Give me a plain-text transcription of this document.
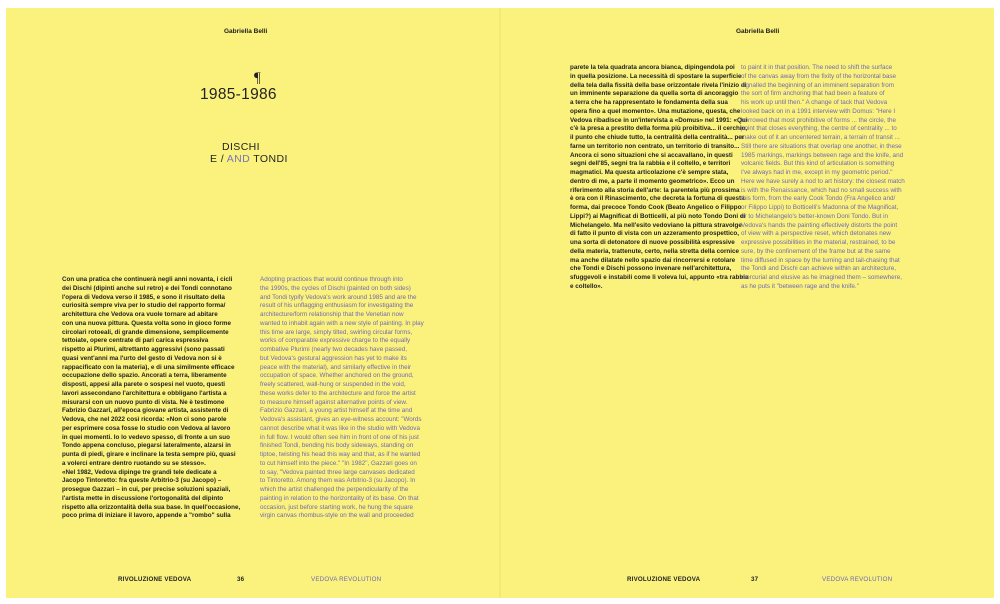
Gabriella Belli
¶
1985-1986
DISCHI
E / AND TONDI

Con una pratica che continuerà negli anni novanta, i cicli
dei Dischi (dipinti anche sul retro) e dei Tondi connotano
l'opera di Vedova verso il 1985, e sono il risultato della
curiosità sempre viva per lo studio del rapporto forma/
architettura che Vedova ora vuole tornare ad abitare
con una nuova pittura. Questa volta sono in gioco forme
circolari rotoeali, di grande dimensione, semplicemente
tettoiate, opere centrate di pari carica espressiva
rispetto ai Plurimi, altrettanto aggressivi (sono passati
quasi vent'anni ma l'urto del gesto di Vedova non si è
rappacificato con la materia), e di una similmente efficace
occupazione dello spazio. Ancorati a terra, liberamente
disposti, appesi alla parete o sospesi nel vuoto, questi
lavori assecondano l'architettura e obbligano l'artista a
misurarsi con un nuovo punto di vista. Ne è testimone
Fabrizio Gazzari, all'epoca giovane artista, assistente di
Vedova, che nel 2022 così ricorda: «Non ci sono parole
per esprimere cosa fosse lo studio con Vedova al lavoro
in quei momenti. Io lo vedevo spesso, di fronte a un suo
Tondo appena concluso, piegarsi lateralmente, alzarsi in
punta di piedi, girare e inclinare la testa sempre più, quasi
a volerci entrare dentro ruotando su se stesso».
«Nel 1982, Vedova dipinge tre grandi tele dedicate a
Jacopo Tintoretto: fra queste Arbitrio-3 (su Jacopo) –
prosegue Gazzari – in cui, per precise soluzioni spaziali,
l'artista mette in discussione l'ortogonalità del dipinto
rispetto alla orizzontalità della sua base. In quell'occasione,
poco prima di iniziare il lavoro, appende a "rombo" sulla

Adopting practices that would continue through into
the 1990s, the cycles of Dischi (painted on both sides)
and Tondi typify Vedova's work around 1985 and are the
result of his unflagging enthusiasm for investigating the
architecture/form relationship that the Venetian now
wanted to inhabit again with a new style of painting. In play
this time are large, simply tilted, swirling circular forms,
works of comparable expressive charge to the equally
combative Plurimi (nearly two decades have passed,
but Vedova's gestural aggression has yet to make its
peace with the material), and similarly effective in their
occupation of space. Whether anchored on the ground,
freely scattered, wall-hung or suspended in the void,
these works defer to the architecture and force the artist
to measure himself against alternative points of view.
Fabrizio Gazzari, a young artist himself at the time and
Vedova's assistant, gives an eye-witness account: "Words
cannot describe what it was like in the studio with Vedova
in full flow. I would often see him in front of one of his just
finished Tondi, bending his body sideways, standing on
tiptoe, twisting his head this way and that, as if he wanted
to cut himself into the piece." "In 1982", Gazzari goes on
to say, "Vedova painted three large canvases dedicated
to Tintoretto. Among them was Arbitrio-3 (su Jacopo). In
which the artist challenged the perpendicularity of the
painting in relation to the horizontality of its base. On that
occasion, just before starting work, he hung the square
virgin canvas rhombus-style on the wall and proceeded

RIVOLUZIONE VEDOVA	36	VEDOVA REVOLUTION
Gabriella Belli

parete la tela quadrata ancora bianca, dipingendola poi
in quella posizione. La necessità di spostare la superficie
della tela dalla fissità della base orizzontale rivela l'inizio di
un imminente separazione da quella sorta di ancoraggio
a terra che ha rappresentato le fondamenta della sua
opera fino a quel momento». Una mutazione, questa, che
Vedova ribadisce in un'intervista a «Domus» nel 1991: «Qui
c'è la presa a prestito della forma più proibitiva... il cerchio,
il punto che chiude tutto, la centralità della centralità... per
farne un territorio non centrato, un territorio di transito...
Ancora ci sono situazioni che si accavallano, in questi
segni dell'85, segni tra la rabbia e il coltello, e territori
magmatici. Ma questa articolazione c'è sempre stata,
dentro di me, a parte il momento geometrico». Ecco un
riferimento alla storia dell'arte: la parentela più prossima
è ora con il Rinascimento, che decreta la fortuna di questa
forma, dai precoce Tondo Cook (Beato Angelico o Filippo
Lippi?) ai Magnificat di Botticelli, al più noto Tondo Doni di
Michelangelo. Ma nell'esito vedoviano la pittura stravolge
di fatto il punto di vista con un azzeramento prospettico,
una sorta di detonatore di nuove possibilità espressive
della materia, trattenute, certo, nella stretta della cornice
ma anche dilatate nello spazio dai rincorrersi e rotolare
che Tondi e Dischi possono invenare nell'architettura,
sfuggevoli e instabili come li voleva lui, appunto «tra rabbia
e coltello».

to paint it in that position. The need to shift the surface
of the canvas away from the fixity of the horizontal base
signalled the beginning of an imminent separation from
the sort of firm anchoring that had been a feature of
his work up until then." A change of tack that Vedova
looked back on in a 1991 interview with Domus: "Here I
borrowed that most prohibitive of forms ... the circle, the
point that closes everything, the centre of centrality ... to
make out of it an uncentered terrain, a terrain of transit ...
Still there are situations that overlap one another, in these
1985 markings, markings between rage and the knife, and
volcanic fields. But this kind of articulation is something
I've always had in me, except in my geometric period."
Here we have surely a nod to art history: the closest match
is with the Renaissance, which had no small success with
this form, from the early Cook Tondo (Fra Angelico and/
or Filippo Lippi) to Botticelli's Madonna of the Magnificat,
or to Michelangelo's better-known Doni Tondo. But in
Vedova's hands the painting effectively distorts the point
of view with a perspective reset, which detonates new
expressive possibilities in the material, restrained, to be
sure, by the confinement of the frame but at the same
time diffused in space by the turning and tail-chasing that
the Tondi and Dischi can achieve within an architecture,
mercurial and elusive as he imagined them – somewhere,
as he puts it "between rage and the knife."

RIVOLUZIONE VEDOVA	37	VEDOVA REVOLUTION
